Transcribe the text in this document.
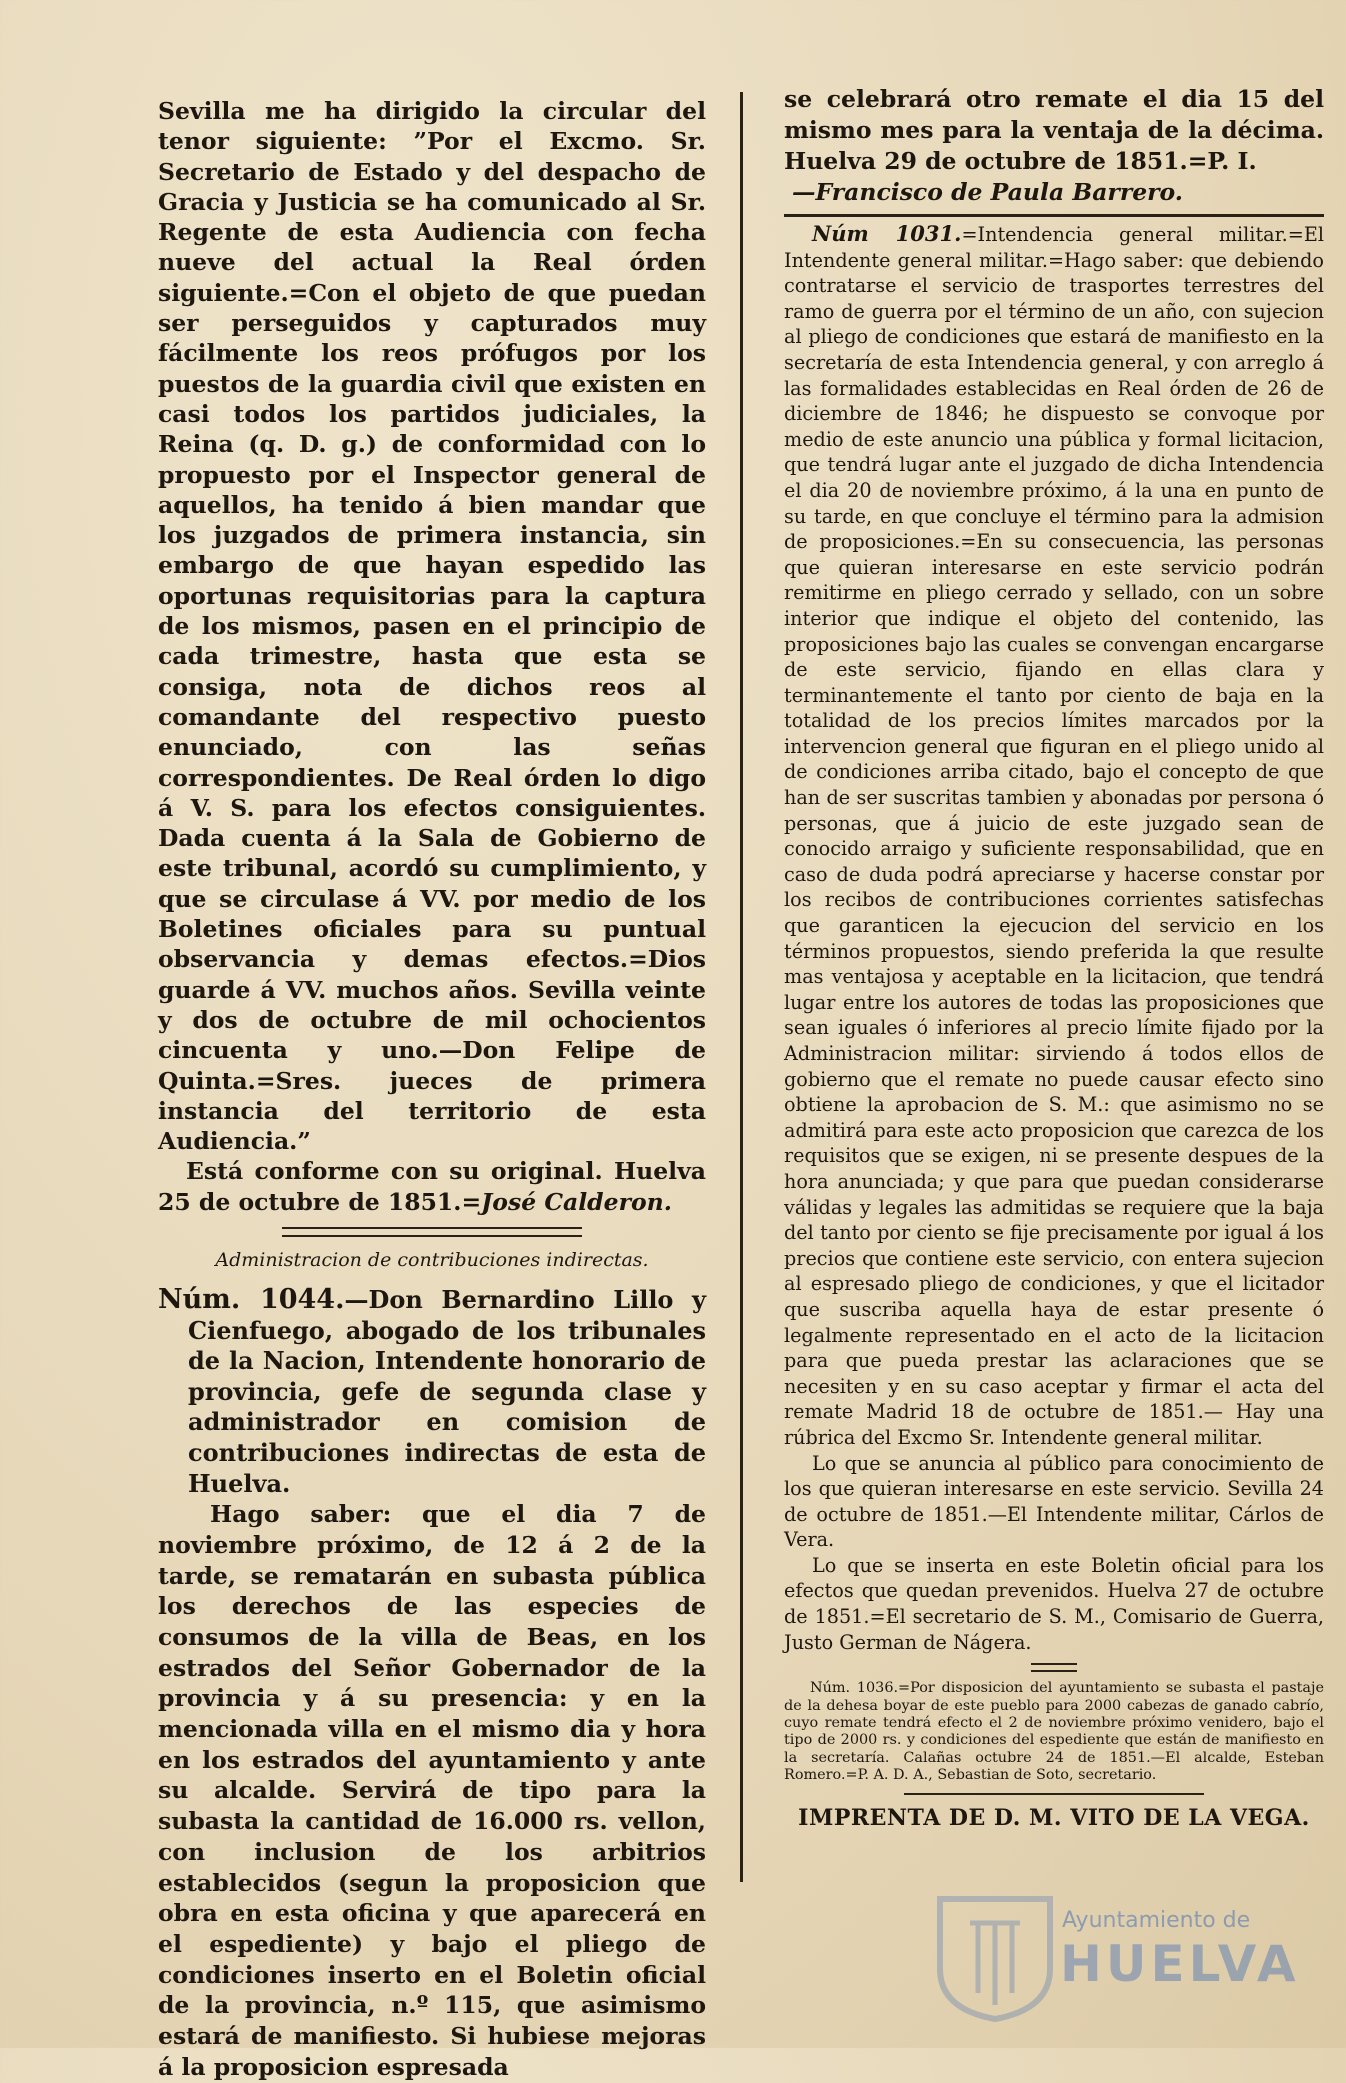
Sevilla me ha dirigido la circular del tenor siguiente: ”Por el Excmo. Sr. Secretario de Estado y del despacho de Gracia y Justicia se ha comunicado al Sr. Regente de esta Audiencia con fecha nueve del actual la Real órden siguiente.=Con el objeto de que puedan ser perseguidos y capturados muy fácilmente los reos prófugos por los puestos de la guardia civil que existen en casi todos los partidos judiciales, la Reina (q. D. g.) de conformidad con lo propuesto por el Inspector general de aquellos, ha tenido á bien mandar que los juzgados de primera instancia, sin embargo de que hayan espedido las oportunas requisitorias para la captura de los mismos, pasen en el principio de cada trimestre, hasta que esta se consiga, nota de dichos reos al comandante del respectivo puesto enunciado, con las señas correspondientes. De Real órden lo digo á V. S. para los efectos consiguientes. Dada cuenta á la Sala de Gobierno de este tribunal, acordó su cumplimiento, y que se circulase á VV. por medio de los Boletines oficiales para su puntual observancia y demas efectos.=Dios guarde á VV. muchos años. Sevilla veinte y dos de octubre de mil ochocientos cincuenta y uno.—Don Felipe de Quinta.=Sres. jueces de primera instancia del territorio de esta Audiencia.”

Está conforme con su original. Huelva 25 de octubre de 1851.=José Calderon.

Administracion de contribuciones indirectas.

Núm. 1044.—Don Bernardino Lillo y Cienfuego, abogado de los tribunales de la Nacion, Intendente honorario de provincia, gefe de segunda clase y administrador en comision de contribuciones indirectas de esta de Huelva.

Hago saber: que el dia 7 de noviembre próximo, de 12 á 2 de la tarde, se rematarán en subasta pública los derechos de las especies de consumos de la villa de Beas, en los estrados del Señor Gobernador de la provincia y á su presencia: y en la mencionada villa en el mismo dia y hora en los estrados del ayuntamiento y ante su alcalde. Servirá de tipo para la subasta la cantidad de 16.000 rs. vellon, con inclusion de los arbitrios establecidos (segun la proposicion que obra en esta oficina y que aparecerá en el espediente) y bajo el pliego de condiciones inserto en el Boletin oficial de la provincia, n.º 115, que asimismo estará de manifiesto. Si hubiese mejoras á la proposicion espresada

se celebrará otro remate el dia 15 del mismo mes para la ventaja de la décima. Huelva 29 de octubre de 1851.=P. I.

—Francisco de Paula Barrero.

Núm 1031.=Intendencia general militar.=El Intendente general militar.=Hago saber: que debiendo contratarse el servicio de trasportes terrestres del ramo de guerra por el término de un año, con sujecion al pliego de condiciones que estará de manifiesto en la secretaría de esta Intendencia general, y con arreglo á las formalidades establecidas en Real órden de 26 de diciembre de 1846; he dispuesto se convoque por medio de este anuncio una pública y formal licitacion, que tendrá lugar ante el juzgado de dicha Intendencia el dia 20 de noviembre próximo, á la una en punto de su tarde, en que concluye el término para la admision de proposiciones.=En su consecuencia, las personas que quieran interesarse en este servicio podrán remitirme en pliego cerrado y sellado, con un sobre interior que indique el objeto del contenido, las proposiciones bajo las cuales se convengan encargarse de este servicio, fijando en ellas clara y terminantemente el tanto por ciento de baja en la totalidad de los precios límites marcados por la intervencion general que figuran en el pliego unido al de condiciones arriba citado, bajo el concepto de que han de ser suscritas tambien y abonadas por persona ó personas, que á juicio de este juzgado sean de conocido arraigo y suficiente responsabilidad, que en caso de duda podrá apreciarse y hacerse constar por los recibos de contribuciones corrientes satisfechas que garanticen la ejecucion del servicio en los términos propuestos, siendo preferida la que resulte mas ventajosa y aceptable en la licitacion, que tendrá lugar entre los autores de todas las proposiciones que sean iguales ó inferiores al precio límite fijado por la Administracion militar: sirviendo á todos ellos de gobierno que el remate no puede causar efecto sino obtiene la aprobacion de S. M.: que asimismo no se admitirá para este acto proposicion que carezca de los requisitos que se exigen, ni se presente despues de la hora anunciada; y que para que puedan considerarse válidas y legales las admitidas se requiere que la baja del tanto por ciento se fije precisamente por igual á los precios que contiene este servicio, con entera sujecion al espresado pliego de condiciones, y que el licitador que suscriba aquella haya de estar presente ó legalmente representado en el acto de la licitacion para que pueda prestar las aclaraciones que se necesiten y en su caso aceptar y firmar el acta del remate Madrid 18 de octubre de 1851.— Hay una rúbrica del Excmo Sr. Intendente general militar.

Lo que se anuncia al público para conocimiento de los que quieran interesarse en este servicio. Sevilla 24 de octubre de 1851.—El Intendente militar, Cárlos de Vera.

Lo que se inserta en este Boletin oficial para los efectos que quedan prevenidos. Huelva 27 de octubre de 1851.=El secretario de S. M., Comisario de Guerra, Justo German de Nágera.

Núm. 1036.=Por disposicion del ayuntamiento se subasta el pastaje de la dehesa boyar de este pueblo para 2000 cabezas de ganado cabrío, cuyo remate tendrá efecto el 2 de noviembre próximo venidero, bajo el tipo de 2000 rs. y condiciones del espediente que están de manifiesto en la secretaría. Calañas octubre 24 de 1851.—El alcalde, Esteban Romero.=P. A. D. A., Sebastian de Soto, secretario.

IMPRENTA DE D. M. VITO DE LA VEGA.
Ayuntamiento de
HUELVA
